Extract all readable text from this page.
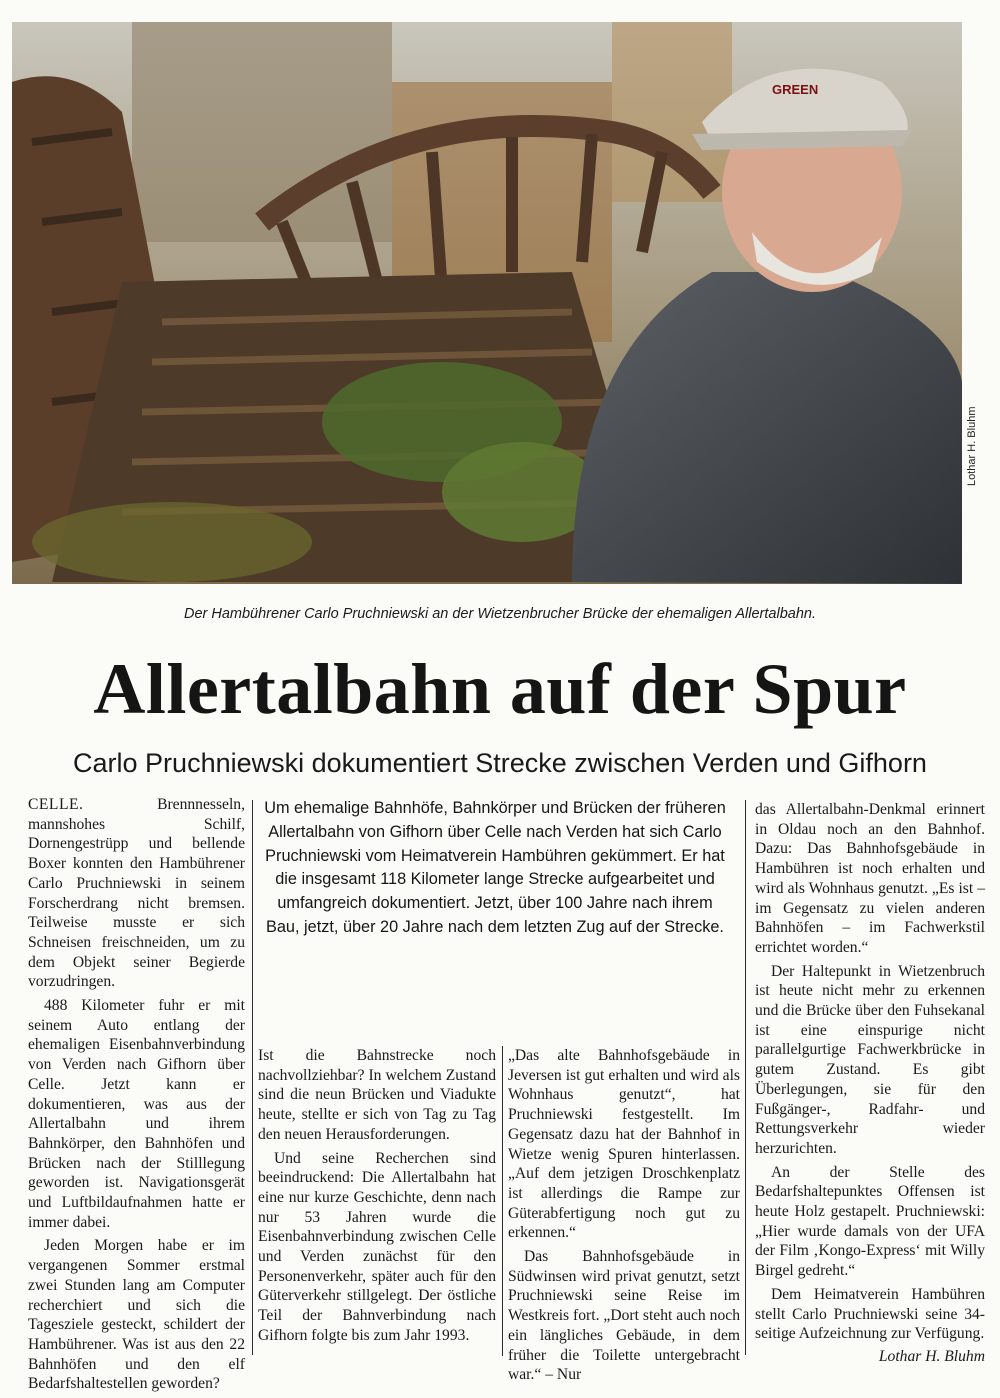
GREEN
Lothar H. Bluhm
Der Hambührener Carlo Pruchniewski an der Wietzenbrucher Brücke der ehemaligen Allertalbahn.
Allertalbahn auf der Spur
Carlo Pruchniewski dokumentiert Strecke zwischen Verden und Gifhorn

CELLE.	Brennnesseln, mannshohes Schilf, Dornengestrüpp und bellende Boxer konnten den Hambührener Carlo Pruchniewski in seinem Forscherdrang nicht bremsen. Teilweise musste er sich Schneisen freischneiden, um zu dem Objekt seiner Begierde vorzudringen.

488 Kilometer fuhr er mit seinem Auto entlang der ehemaligen Eisenbahnverbindung von Verden nach Gifhorn über Celle. Jetzt kann er dokumentieren, was aus der Allertalbahn und ihrem Bahnkörper, den Bahnhöfen und Brücken nach der Stilllegung geworden ist. Navigationsgerät und Luftbildaufnahmen hatte er immer dabei.

Jeden Morgen habe er im vergangenen Sommer erstmal zwei Stunden lang am Computer recherchiert und sich die Tagesziele gesteckt, schildert der Hambührener. Was ist aus den 22 Bahnhöfen und den elf Bedarfshaltestellen geworden?

Um ehemalige Bahnhöfe, Bahnkörper und Brücken der früheren Allertalbahn von Gifhorn über Celle nach Verden hat sich Carlo Pruchniewski vom Heimatverein Hambühren gekümmert. Er hat die insgesamt 118 Kilometer lange Strecke aufgearbeitet und umfangreich dokumentiert. Jetzt, über 100 Jahre nach ihrem Bau, jetzt, über 20 Jahre nach dem letzten Zug auf der Strecke.

Ist die Bahnstrecke noch nachvollziehbar? In welchem Zustand sind die neun Brücken und Viadukte heute, stellte er sich von Tag zu Tag den neuen Herausforderungen.

Und seine Recherchen sind beeindruckend: Die Allertalbahn hat eine nur kurze Geschichte, denn nach nur 53 Jahren wurde die Eisenbahnverbindung zwischen Celle und Verden zunächst für den Personenverkehr, später auch für den Güterverkehr stillgelegt. Der östliche Teil der Bahnverbindung nach Gifhorn folgte bis zum Jahr 1993.

„Das alte Bahnhofsgebäude in Jeversen ist gut erhalten und wird als Wohnhaus genutzt“, hat Pruchniewski festgestellt. Im Gegensatz dazu hat der Bahnhof in Wietze wenig Spuren hinterlassen. „Auf dem jetzigen Droschkenplatz ist allerdings die Rampe zur Güterabfertigung noch gut zu erkennen.“

Das Bahnhofsgebäude in Südwinsen wird privat genutzt, setzt Pruchniewski seine Reise im Westkreis fort. „Dort steht auch noch ein längliches Gebäude, in dem früher die Toilette untergebracht war.“ – Nur

das Allertalbahn-Denkmal erinnert in Oldau noch an den Bahnhof. Dazu: Das Bahnhofsgebäude in Hambühren ist noch erhalten und wird als Wohnhaus genutzt. „Es ist – im Gegensatz zu vielen anderen Bahnhöfen – im Fachwerkstil errichtet worden.“

Der Haltepunkt in Wietzenbruch ist heute nicht mehr zu erkennen und die Brücke über den Fuhsekanal ist eine einspurige nicht parallelgurtige Fachwerkbrücke in gutem Zustand. Es gibt Überlegungen, sie für den Fußgänger-, Radfahr- und Rettungsverkehr wieder herzurichten.

An der Stelle des Bedarfshaltepunktes Offensen ist heute Holz gestapelt. Pruchniewski: „Hier wurde damals von der UFA der Film ‚Kongo-Express‘ mit Willy Birgel gedreht.“

Dem Heimatverein Hambühren stellt Carlo Pruchniewski seine 34-seitige Aufzeichnung zur Verfügung.

Lothar H. Bluhm
